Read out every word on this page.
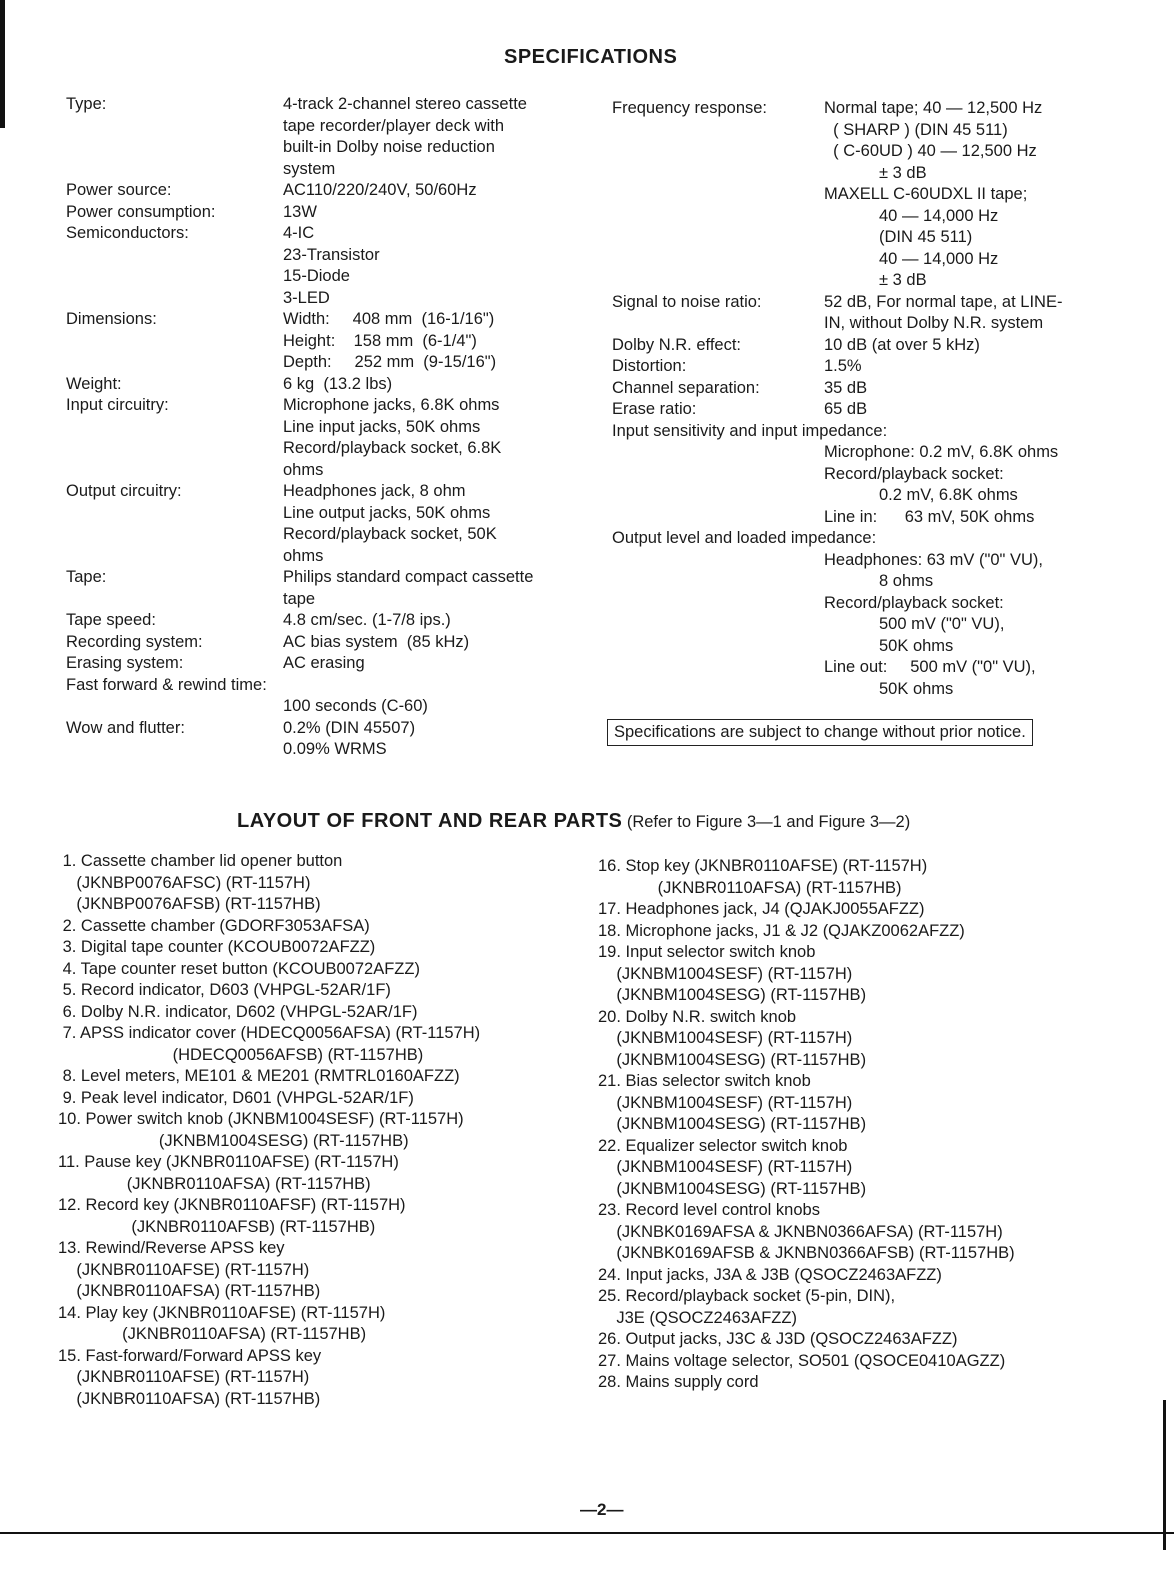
SPECIFICATIONS
Type:

Power source:
Power consumption:
Semiconductors:

Dimensions:

Weight:
Input circuitry:

Output circuitry:

Tape:

Tape speed:
Recording system:
Erasing system:
Fast forward & rewind time:

Wow and flutter:

4-track 2-channel stereo cassette
tape recorder/player deck with
built-in Dolby noise reduction
system
AC110/220/240V, 50/60Hz
13W
4-IC
23-Transistor
15-Diode
3-LED
Width:     408 mm  (16-1/16")
Height:    158 mm  (6-1/4")
Depth:     252 mm  (9-15/16")
6 kg  (13.2 lbs)
Microphone jacks, 6.8K ohms
Line input jacks, 50K ohms
Record/playback socket, 6.8K
ohms
Headphones jack, 8 ohm
Line output jacks, 50K ohms
Record/playback socket, 50K
ohms
Philips standard compact cassette
tape
4.8 cm/sec. (1-7/8 ips.)
AC bias system  (85 kHz)
AC erasing

100 seconds (C-60)
0.2% (DIN 45507)
0.09% WRMS
Frequency response:

Signal to noise ratio:

Dolby N.R. effect:
Distortion:
Channel separation:
Erase ratio:
Input sensitivity and input impedance:

Output level and loaded impedance:

Normal tape; 40 — 12,500 Hz
( SHARP ) (DIN 45 511)
( C-60UD ) 40 — 12,500 Hz
± 3 dB
MAXELL C-60UDXL II tape;
40 — 14,000 Hz
(DIN 45 511)
40 — 14,000 Hz
± 3 dB
52 dB, For normal tape, at LINE-
IN, without Dolby N.R. system
10 dB (at over 5 kHz)
1.5%
35 dB
65 dB

Microphone: 0.2 mV, 6.8K ohms
Record/playback socket:
0.2 mV, 6.8K ohms
Line in:      63 mV, 50K ohms

Headphones: 63 mV ("0" VU),
8 ohms
Record/playback socket:
500 mV ("0" VU),
50K ohms
Line out:     500 mV ("0" VU),
50K ohms
Specifications are subject to change without prior notice.
LAYOUT OF FRONT AND REAR PARTS (Refer to Figure 3—1 and Figure 3—2)
1. Cassette chamber lid opener button
(JKNBP0076AFSC) (RT-1157H)
(JKNBP0076AFSB) (RT-1157HB)
2. Cassette chamber (GDORF3053AFSA)
3. Digital tape counter (KCOUB0072AFZZ)
4. Tape counter reset button (KCOUB0072AFZZ)
5. Record indicator, D603 (VHPGL-52AR/1F)
6. Dolby N.R. indicator, D602 (VHPGL-52AR/1F)
7. APSS indicator cover (HDECQ0056AFSA) (RT-1157H)
(HDECQ0056AFSB) (RT-1157HB)
8. Level meters, ME101 & ME201 (RMTRL0160AFZZ)
9. Peak level indicator, D601 (VHPGL-52AR/1F)
10. Power switch knob (JKNBM1004SESF) (RT-1157H)
(JKNBM1004SESG) (RT-1157HB)
11. Pause key (JKNBR0110AFSE) (RT-1157H)
(JKNBR0110AFSA) (RT-1157HB)
12. Record key (JKNBR0110AFSF) (RT-1157H)
(JKNBR0110AFSB) (RT-1157HB)
13. Rewind/Reverse APSS key
(JKNBR0110AFSE) (RT-1157H)
(JKNBR0110AFSA) (RT-1157HB)
14. Play key (JKNBR0110AFSE) (RT-1157H)
(JKNBR0110AFSA) (RT-1157HB)
15. Fast-forward/Forward APSS key
(JKNBR0110AFSE) (RT-1157H)
(JKNBR0110AFSA) (RT-1157HB)
16. Stop key (JKNBR0110AFSE) (RT-1157H)
(JKNBR0110AFSA) (RT-1157HB)
17. Headphones jack, J4 (QJAKJ0055AFZZ)
18. Microphone jacks, J1 & J2 (QJAKZ0062AFZZ)
19. Input selector switch knob
(JKNBM1004SESF) (RT-1157H)
(JKNBM1004SESG) (RT-1157HB)
20. Dolby N.R. switch knob
(JKNBM1004SESF) (RT-1157H)
(JKNBM1004SESG) (RT-1157HB)
21. Bias selector switch knob
(JKNBM1004SESF) (RT-1157H)
(JKNBM1004SESG) (RT-1157HB)
22. Equalizer selector switch knob
(JKNBM1004SESF) (RT-1157H)
(JKNBM1004SESG) (RT-1157HB)
23. Record level control knobs
(JKNBK0169AFSA & JKNBN0366AFSA) (RT-1157H)
(JKNBK0169AFSB & JKNBN0366AFSB) (RT-1157HB)
24. Input jacks, J3A & J3B (QSOCZ2463AFZZ)
25. Record/playback socket (5-pin, DIN),
J3E (QSOCZ2463AFZZ)
26. Output jacks, J3C & J3D (QSOCZ2463AFZZ)
27. Mains voltage selector, SO501 (QSOCE0410AGZZ)
28. Mains supply cord
—2—
